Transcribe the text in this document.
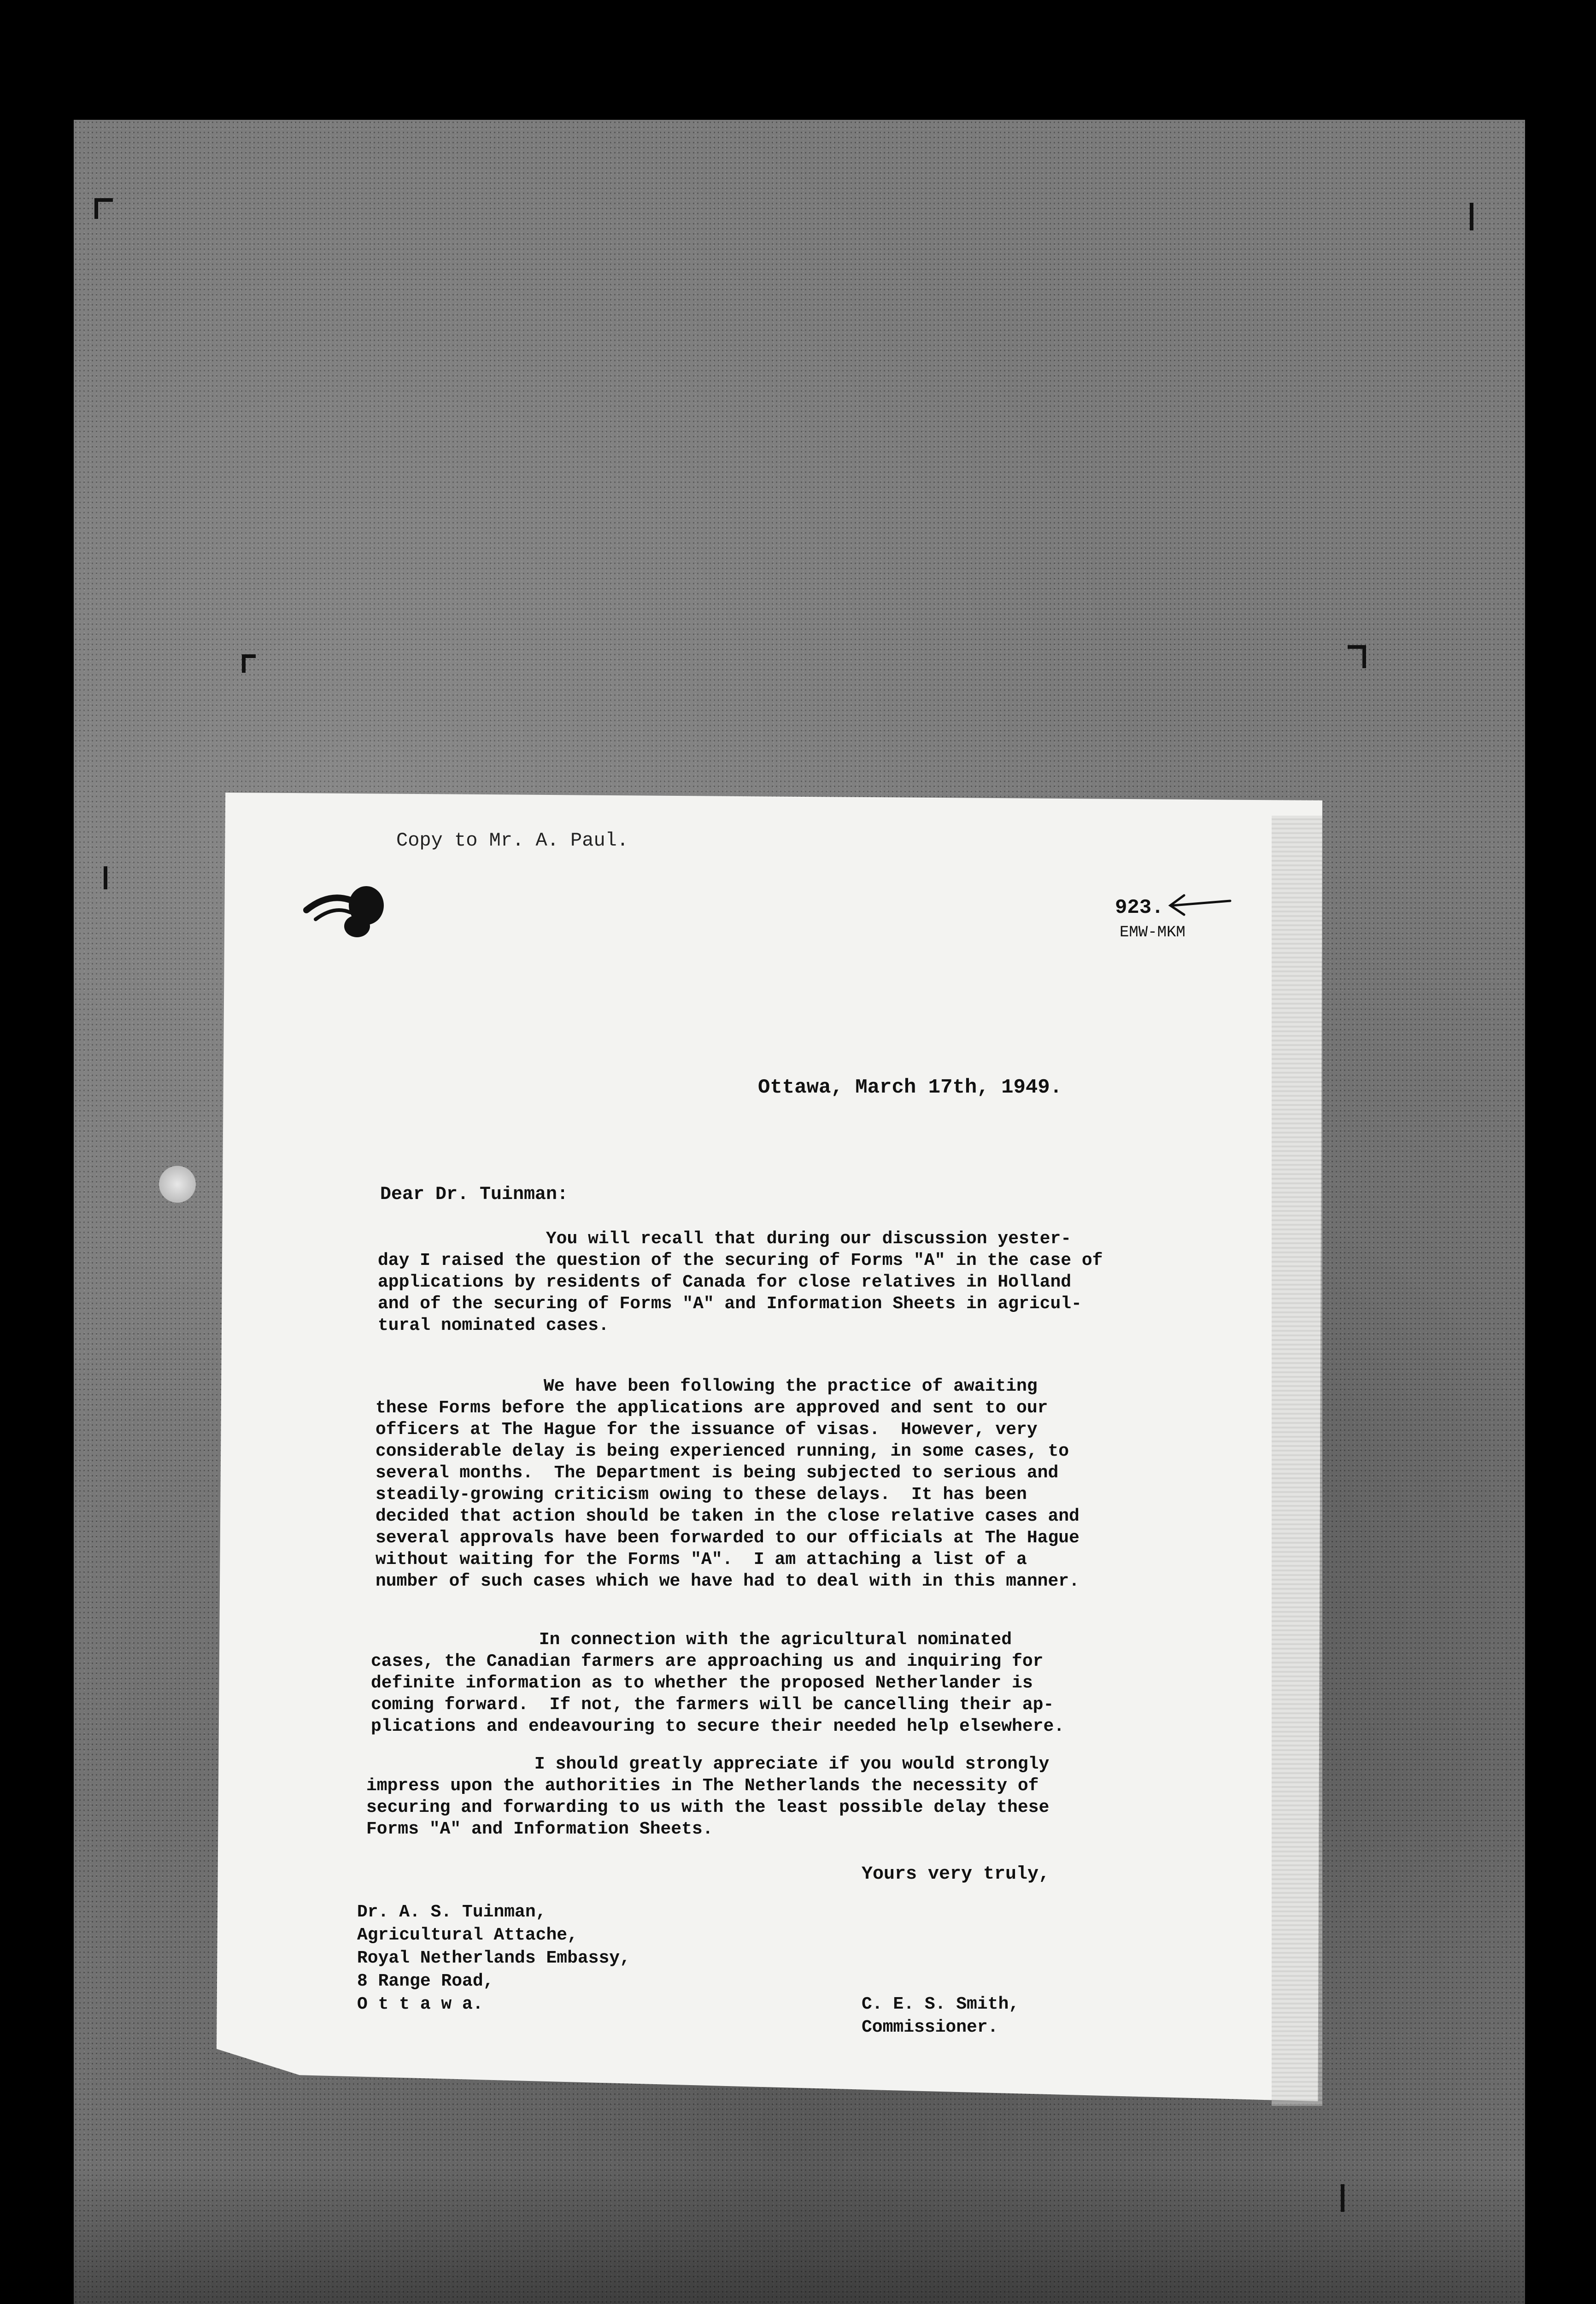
Copy to Mr. A. Paul.
923.
EMW-MKM
Ottawa, March 17th, 1949.
Dear Dr. Tuinman:
You will recall that during our discussion yester-
day I raised the question of the securing of Forms "A" in the case of
applications by residents of Canada for close relatives in Holland
and of the securing of Forms "A" and Information Sheets in agricul-
tural nominated cases.
We have been following the practice of awaiting
these Forms before the applications are approved and sent to our
officers at The Hague for the issuance of visas.  However, very
considerable delay is being experienced running, in some cases, to
several months.  The Department is being subjected to serious and
steadily-growing criticism owing to these delays.  It has been
decided that action should be taken in the close relative cases and
several approvals have been forwarded to our officials at The Hague
without waiting for the Forms "A".  I am attaching a list of a
number of such cases which we have had to deal with in this manner.
In connection with the agricultural nominated
cases, the Canadian farmers are approaching us and inquiring for
definite information as to whether the proposed Netherlander is
coming forward.  If not, the farmers will be cancelling their ap-
plications and endeavouring to secure their needed help elsewhere.
I should greatly appreciate if you would strongly
impress upon the authorities in The Netherlands the necessity of
securing and forwarding to us with the least possible delay these
Forms "A" and Information Sheets.
Yours very truly,
Dr. A. S. Tuinman,
Agricultural Attache,
Royal Netherlands Embassy,
8 Range Road,
O t t a w a.	C. E. S. Smith,
Commissioner.
